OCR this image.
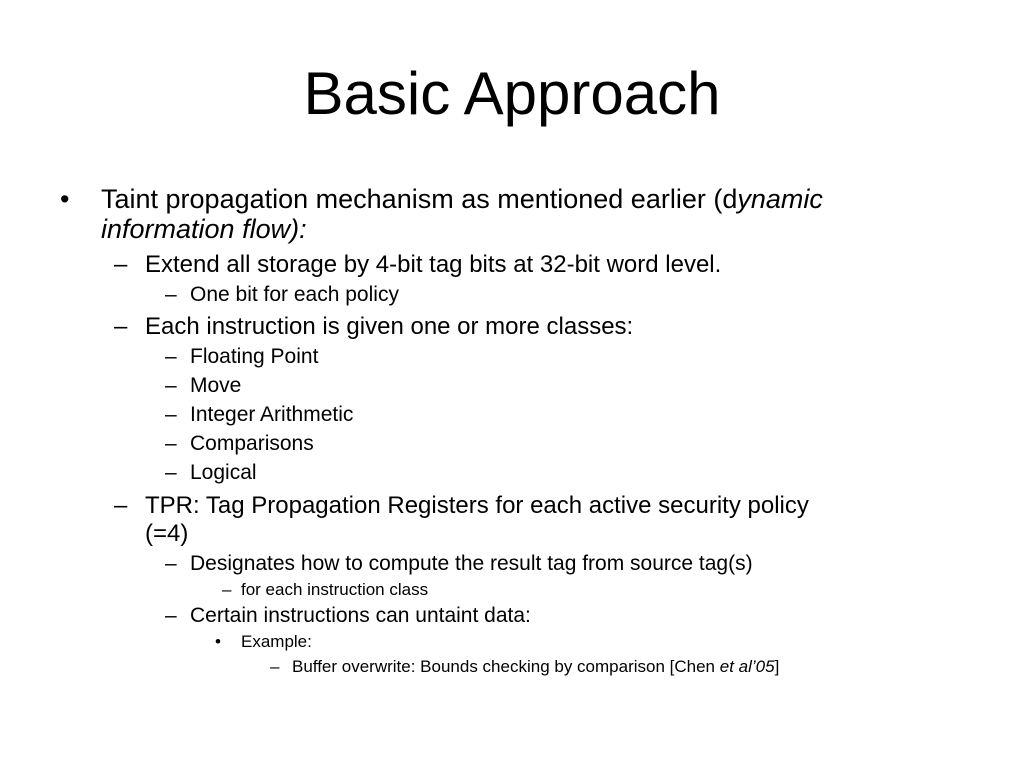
Basic Approach
• Taint propagation mechanism as mentioned earlier (dynamic
information flow):
– Extend all storage by 4-bit tag bits at 32-bit word level.
– One bit for each policy
– Each instruction is given one or more classes:
– Floating Point
– Move
– Integer Arithmetic
– Comparisons
– Logical
– TPR: Tag Propagation Registers for each active security policy
(=4)
– Designates how to compute the result tag from source tag(s)
– for each instruction class
– Certain instructions can untaint data:
• Example:
– Buffer overwrite: Bounds checking by comparison [Chen et al’05]
